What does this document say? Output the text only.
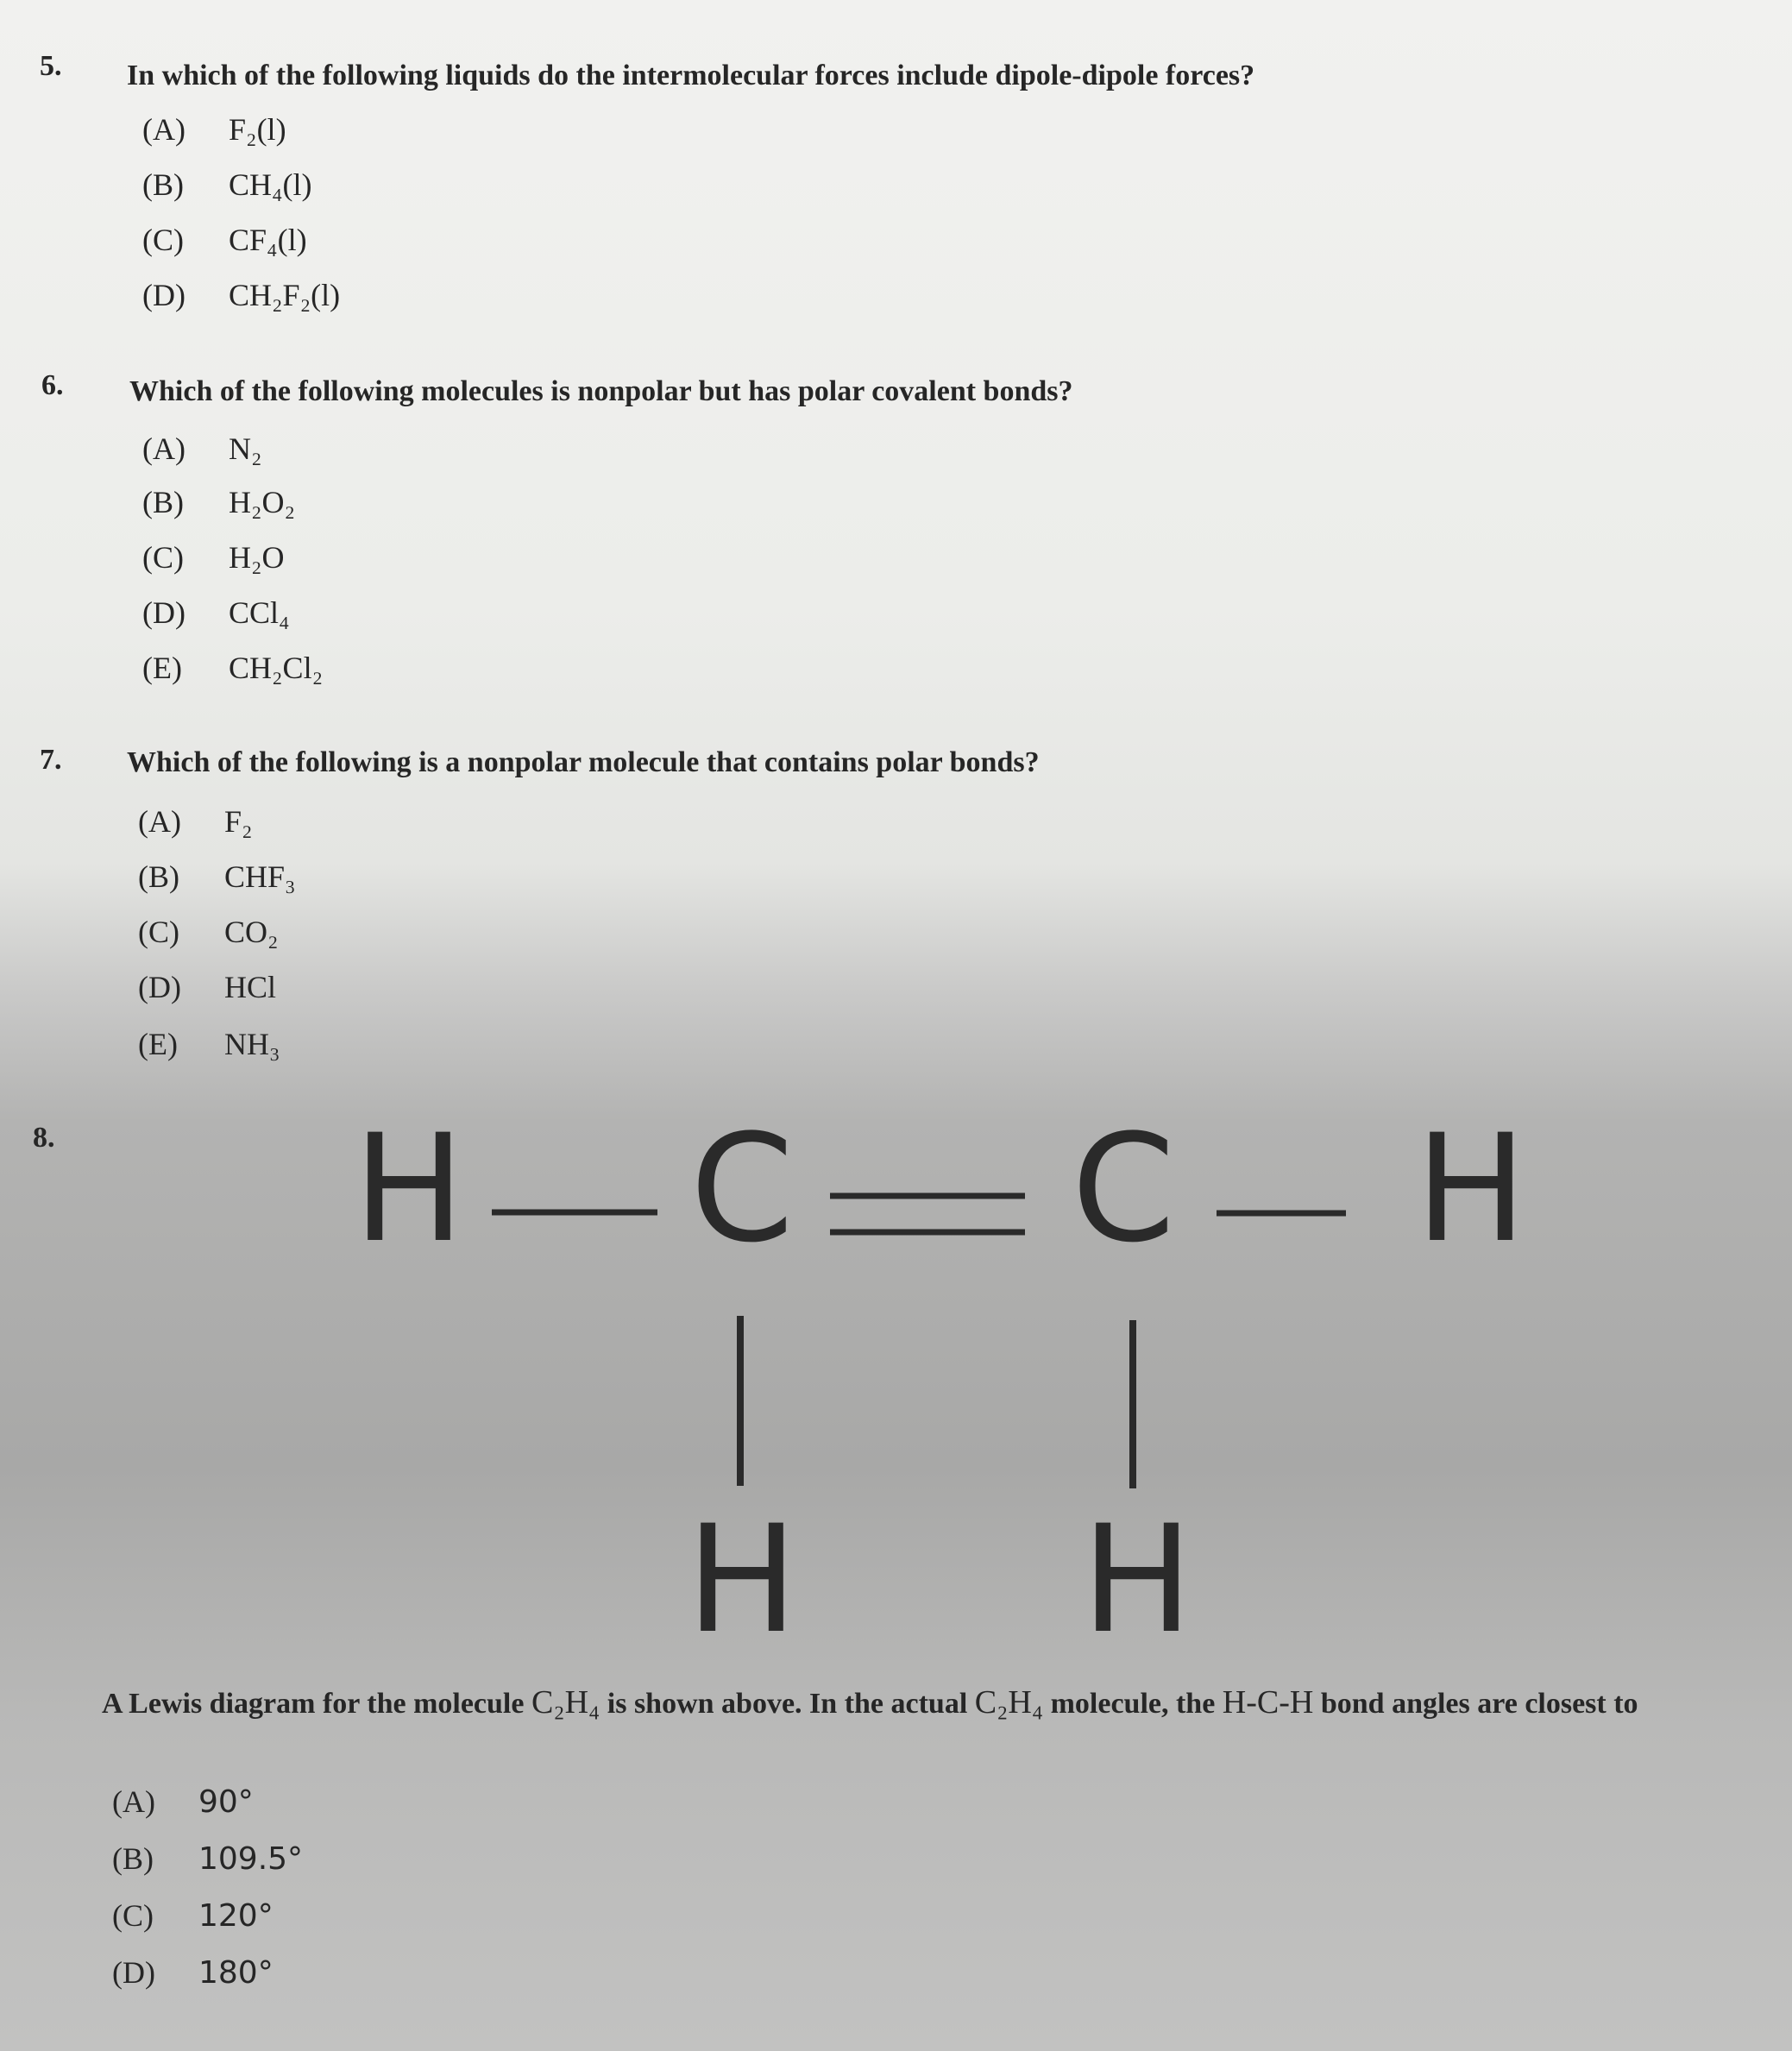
5. In which of the following liquids do the intermolecular forces include dipole-dipole forces?
(A) F₂(l)
(B) CH₄(l)
(C) CF₄(l)
(D) CH₂F₂(l)
6. Which of the following molecules is nonpolar but has polar covalent bonds?
(A) N₂
(B) H₂O₂
(C) H₂O
(D) CCl₄
(E) CH₂Cl₂
7. Which of the following is a nonpolar molecule that contains polar bonds?
(A) F₂
(B) CHF₃
(C) CO₂
(D) HCl
(E) NH₃
8. H C C H
H H
A Lewis diagram for the molecule C₂H₄ is shown above. In the actual C₂H₄ molecule, the H-C-H bond angles are closest to
(A) 90°
(B) 109.5°
(C) 120°
(D) 180°
